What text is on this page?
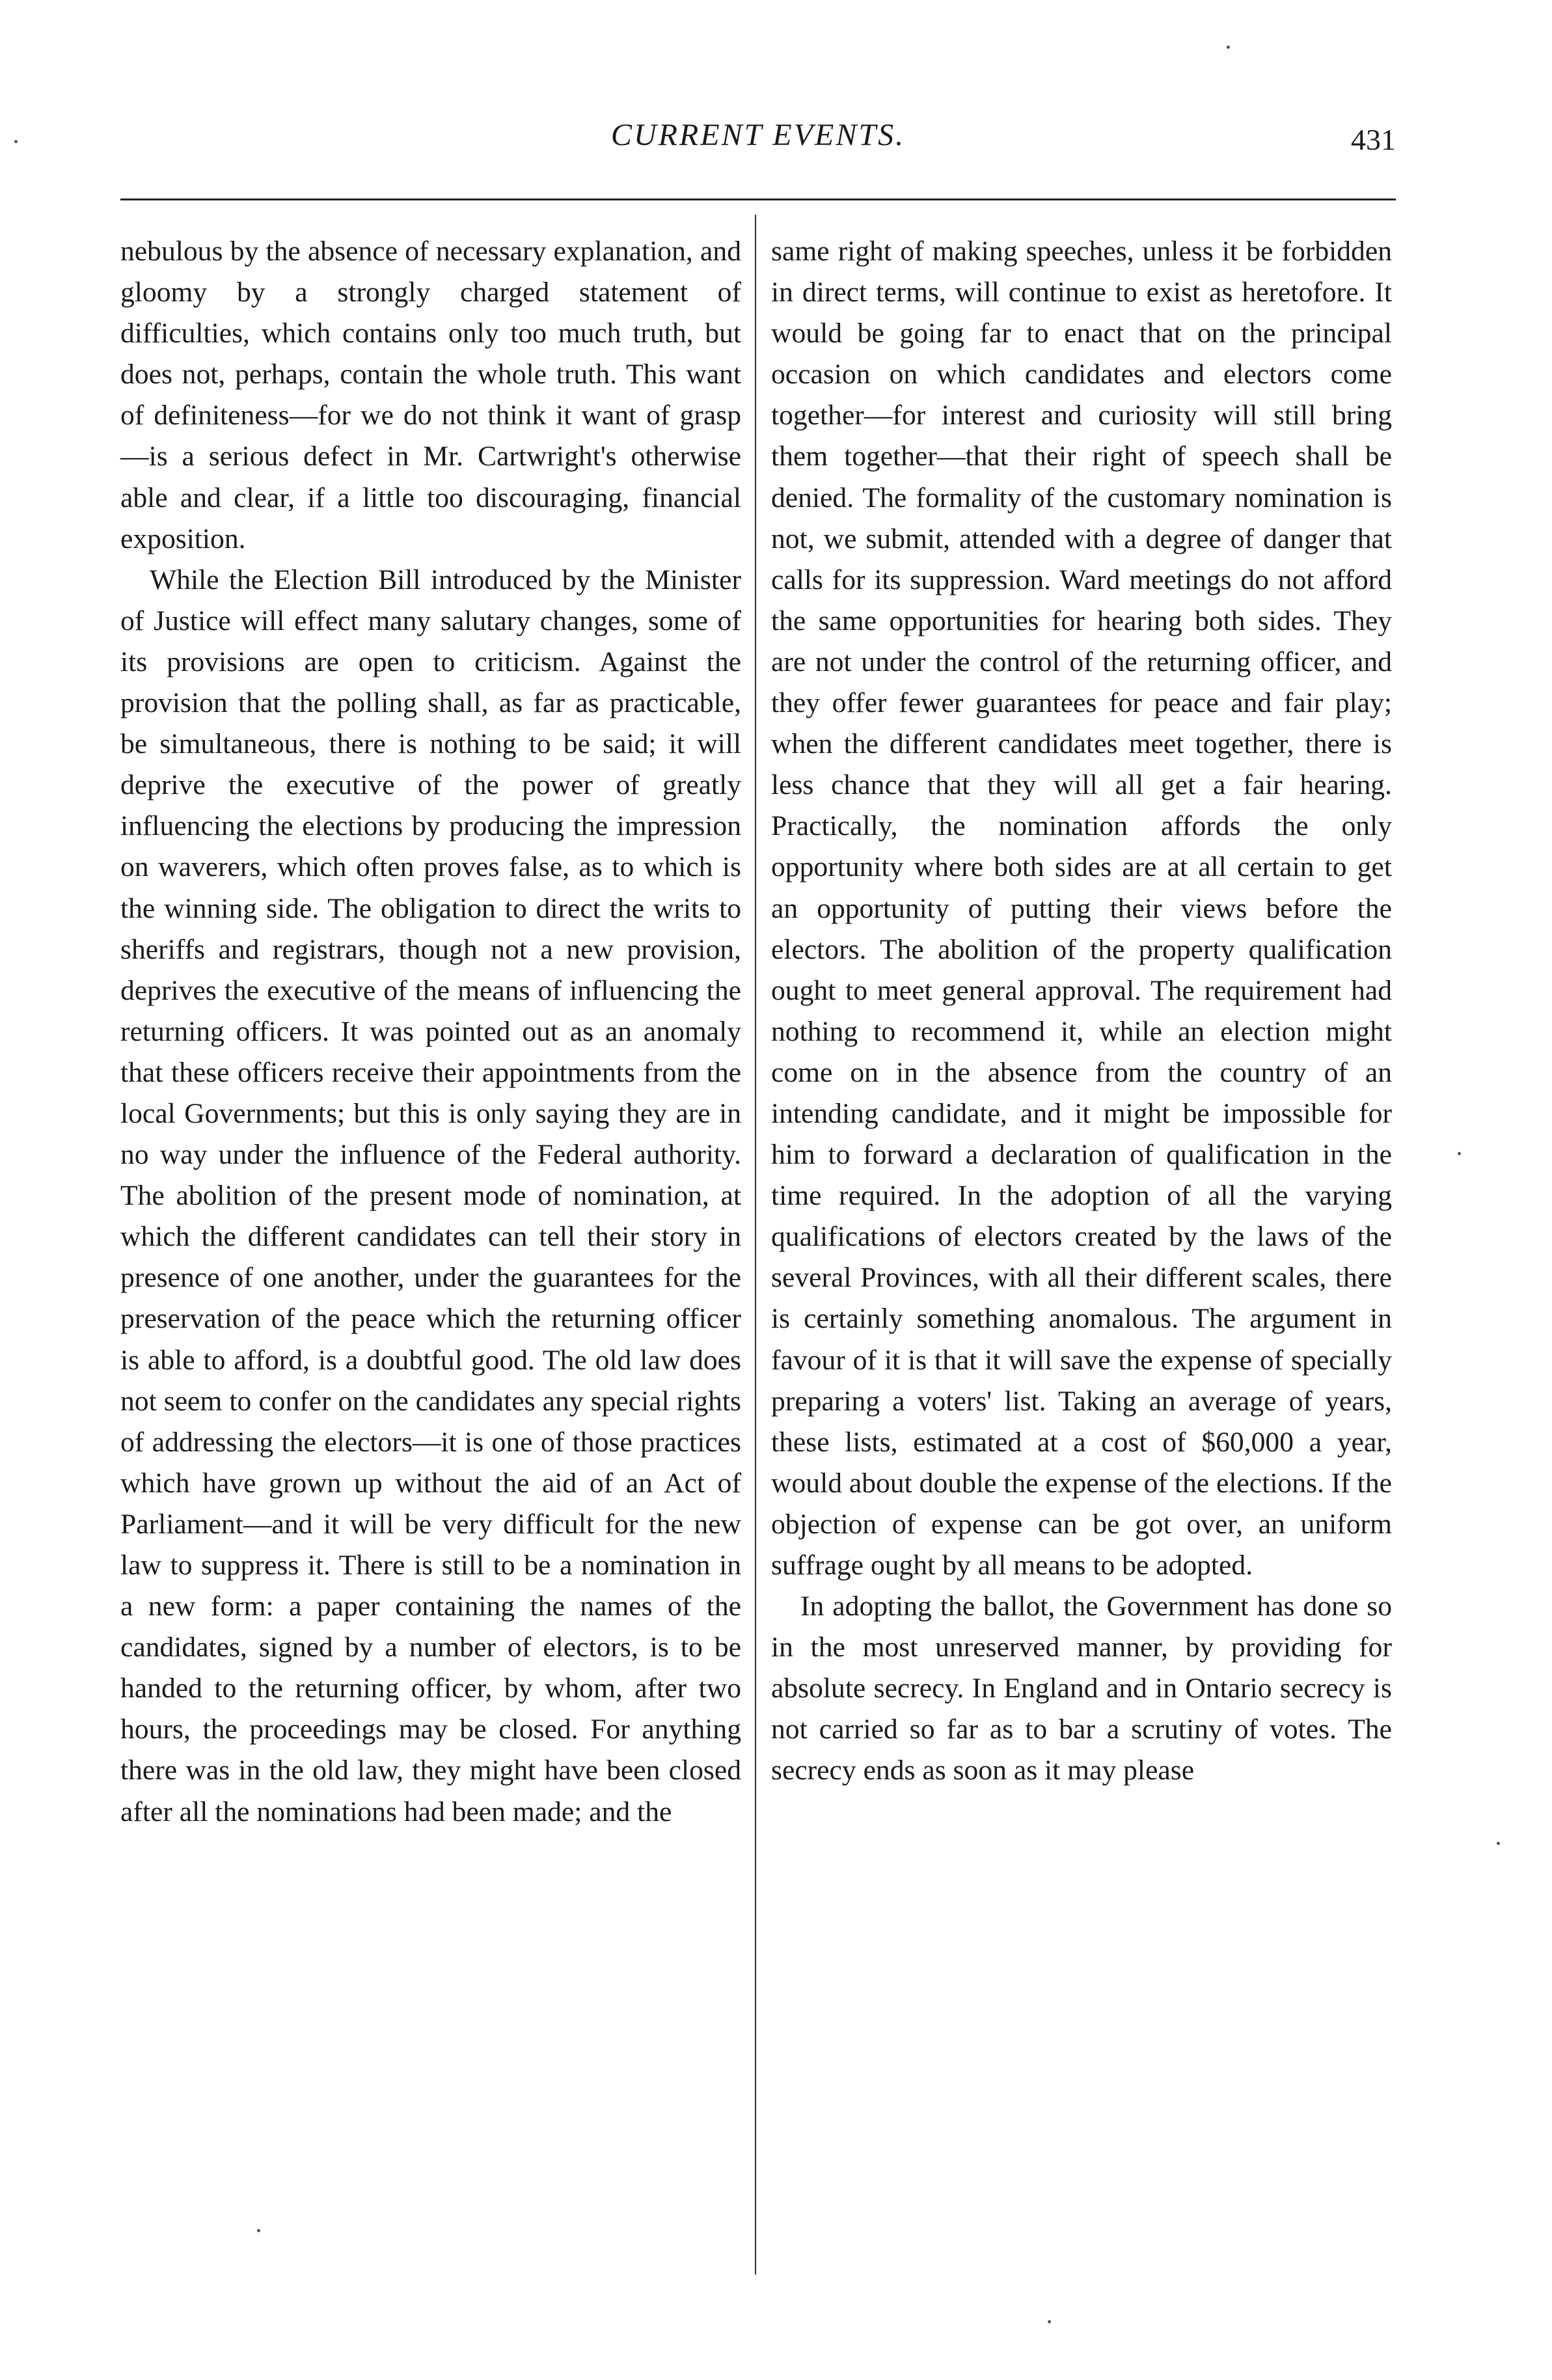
CURRENT EVENTS.	431

nebulous by the absence of necessary explanation, and gloomy by a strongly charged statement of difficulties, which contains only too much truth, but does not, perhaps, contain the whole truth. This want of definiteness—for we do not think it want of grasp—is a serious defect in Mr. Cartwright's otherwise able and clear, if a little too discouraging, financial exposition.

While the Election Bill introduced by the Minister of Justice will effect many salutary changes, some of its provisions are open to criticism. Against the provision that the polling shall, as far as practicable, be simultaneous, there is nothing to be said; it will deprive the executive of the power of greatly influencing the elections by producing the impression on waverers, which often proves false, as to which is the winning side. The obligation to direct the writs to sheriffs and registrars, though not a new provision, deprives the executive of the means of influencing the returning officers. It was pointed out as an anomaly that these officers receive their appointments from the local Governments; but this is only saying they are in no way under the influence of the Federal authority. The abolition of the present mode of nomination, at which the different candidates can tell their story in presence of one another, under the guarantees for the preservation of the peace which the returning officer is able to afford, is a doubtful good. The old law does not seem to confer on the candidates any special rights of addressing the electors—it is one of those practices which have grown up without the aid of an Act of Parliament—and it will be very difficult for the new law to suppress it. There is still to be a nomination in a new form: a paper containing the names of the candidates, signed by a number of electors, is to be handed to the returning officer, by whom, after two hours, the proceedings may be closed. For anything there was in the old law, they might have been closed after all the nominations had been made; and the

same right of making speeches, unless it be forbidden in direct terms, will continue to exist as heretofore. It would be going far to enact that on the principal occasion on which candidates and electors come together—for interest and curiosity will still bring them together—that their right of speech shall be denied. The formality of the customary nomination is not, we submit, attended with a degree of danger that calls for its suppression. Ward meetings do not afford the same opportunities for hearing both sides. They are not under the control of the returning officer, and they offer fewer guarantees for peace and fair play; when the different candidates meet together, there is less chance that they will all get a fair hearing. Practically, the nomination affords the only opportunity where both sides are at all certain to get an opportunity of putting their views before the electors. The abolition of the property qualification ought to meet general approval. The requirement had nothing to recommend it, while an election might come on in the absence from the country of an intending candidate, and it might be impossible for him to forward a declaration of qualification in the time required. In the adoption of all the varying qualifications of electors created by the laws of the several Provinces, with all their different scales, there is certainly something anomalous. The argument in favour of it is that it will save the expense of specially preparing a voters' list. Taking an average of years, these lists, estimated at a cost of $60,000 a year, would about double the expense of the elections. If the objection of expense can be got over, an uniform suffrage ought by all means to be adopted.

In adopting the ballot, the Government has done so in the most unreserved manner, by providing for absolute secrecy. In England and in Ontario secrecy is not carried so far as to bar a scrutiny of votes. The secrecy ends as soon as it may please
